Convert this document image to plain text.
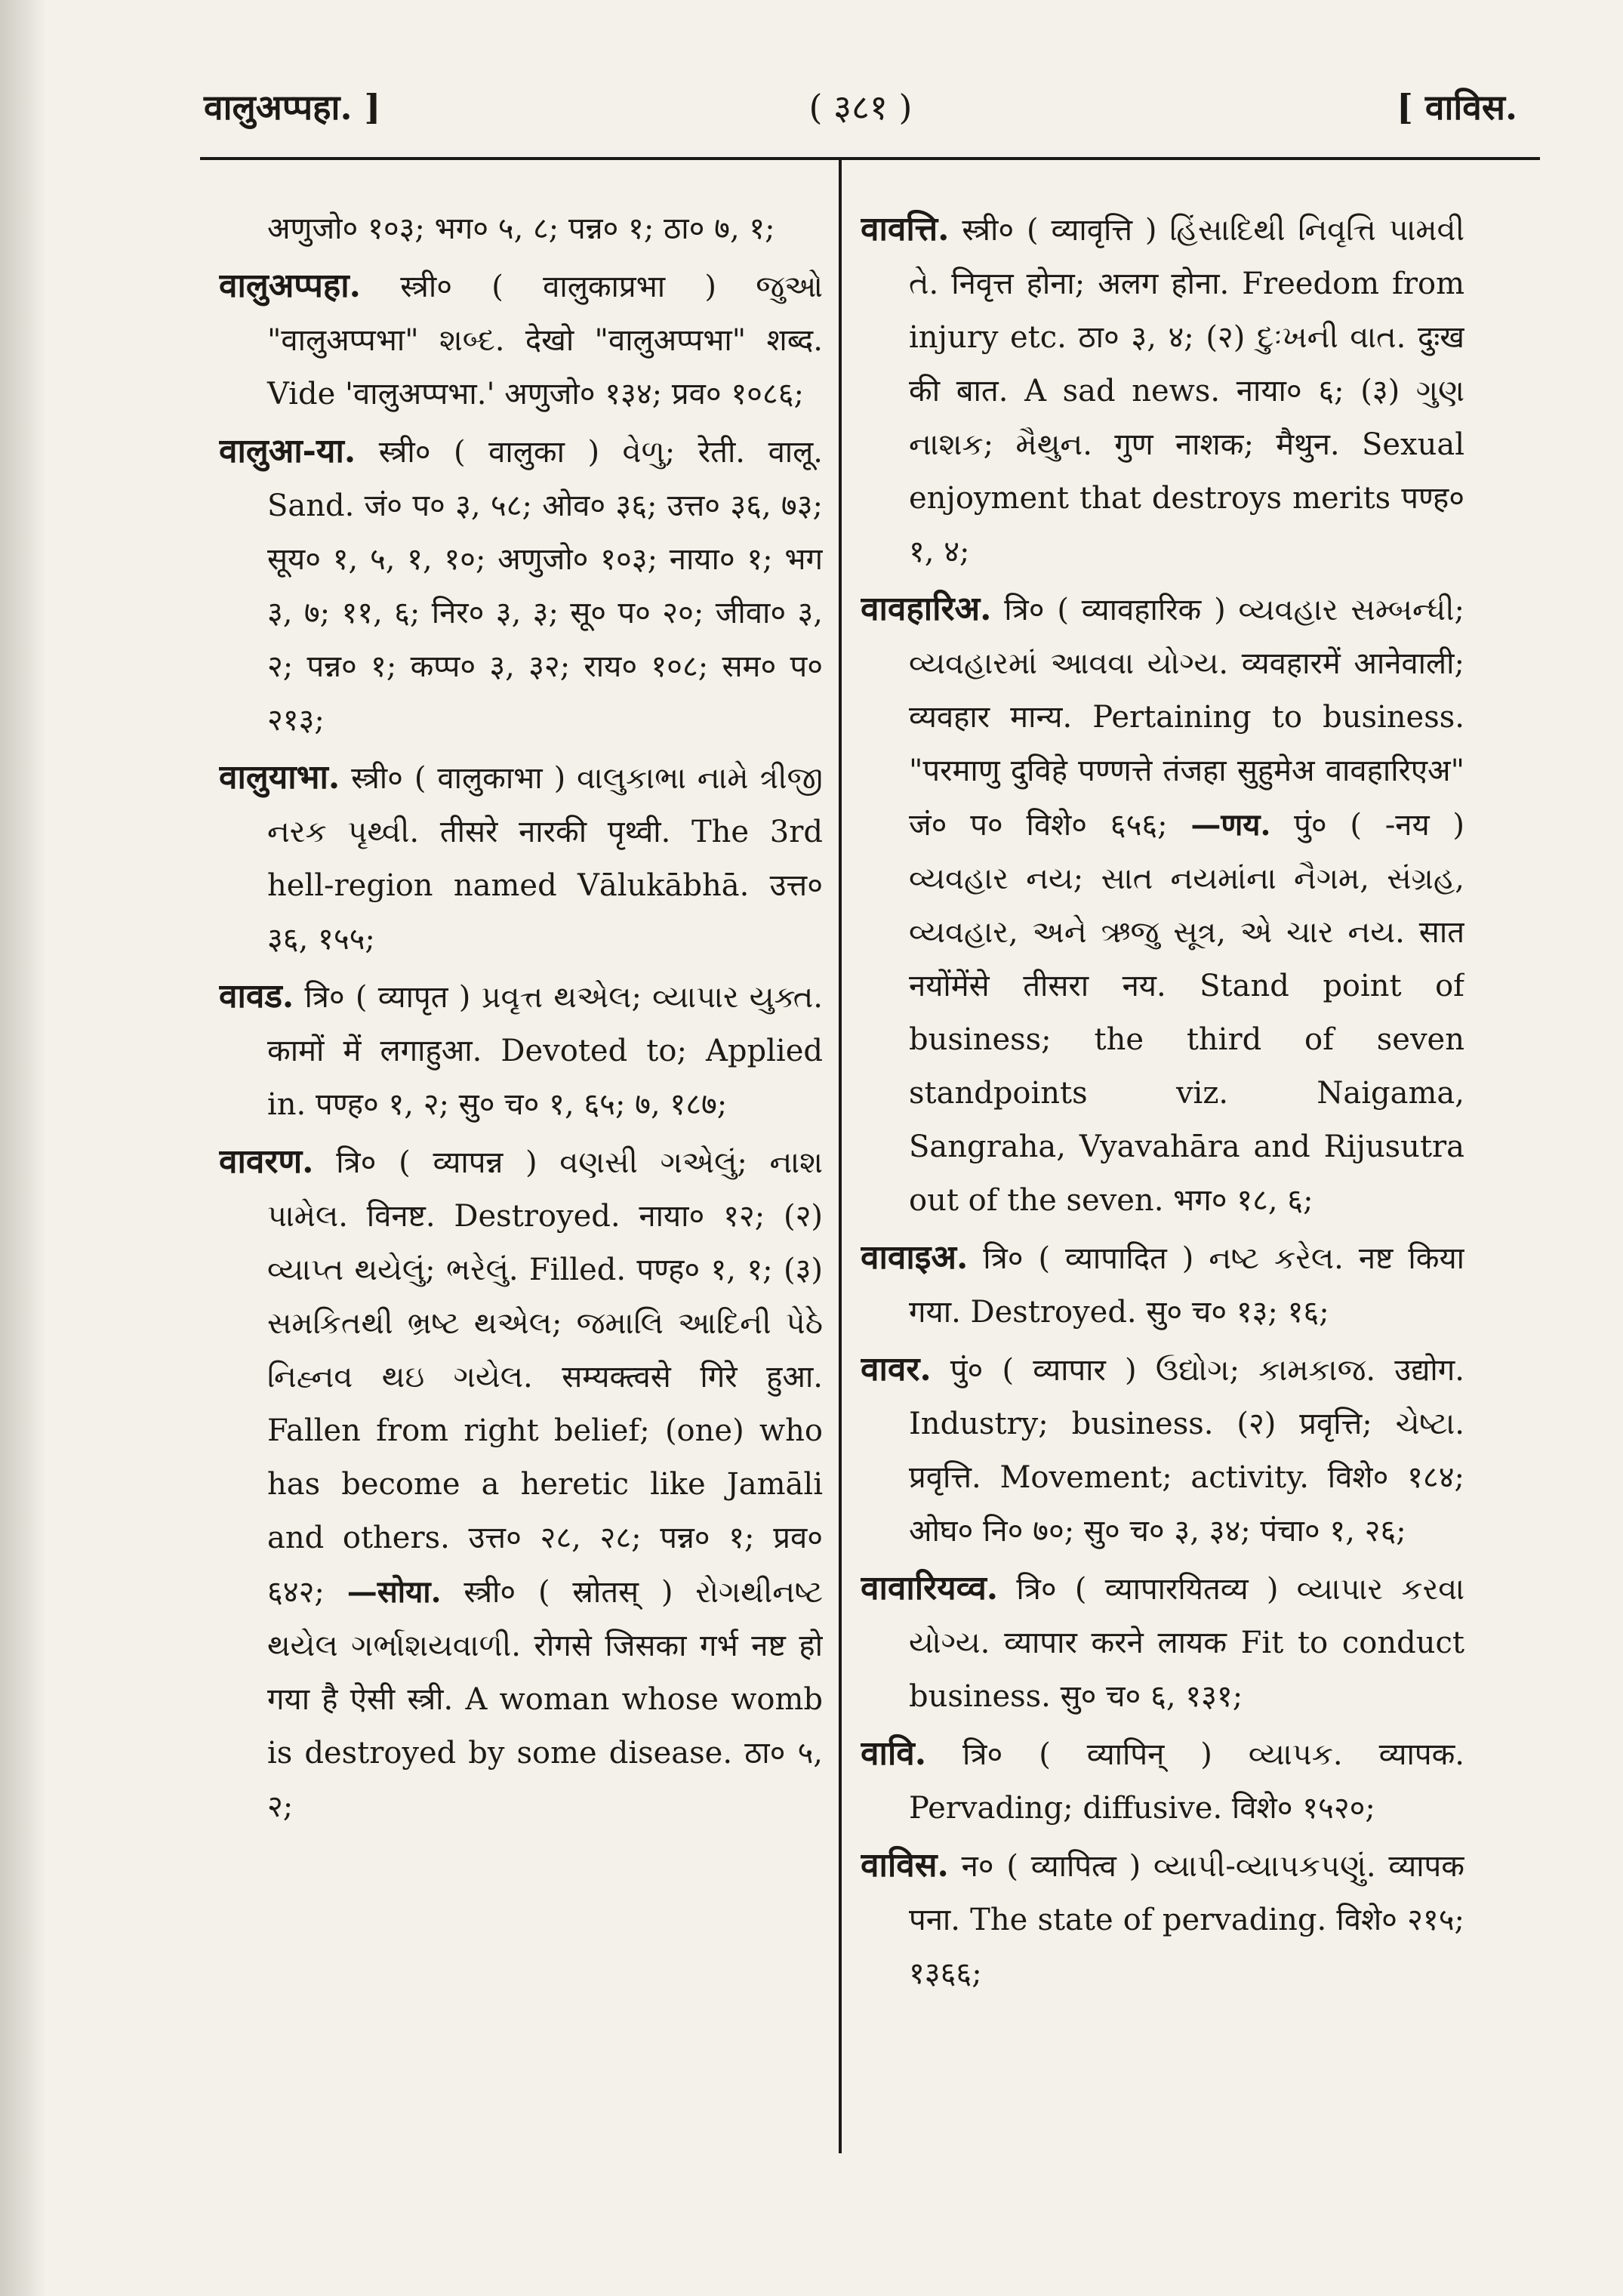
वालुअप्पहा. ]	( ३८१ )	[ वाविस.

अणुजो० १०३; भग० ५, ८; पन्न० १; ठा० ७, १;

वालुअप्पहा. स्त्री० ( वालुकाप्रभा ) જુઓ "वालुअप्पभा" શબ્દ. देखो "वालुअप्पभा" शब्द. Vide 'वालुअप्पभा.' अणुजो० १३४; प्रव० १०८६;

वालुआ-या. स्त्री० ( वालुका ) વેળુ; रेती. वालू. Sand. जं० प० ३, ५८; ओव० ३६; उत्त० ३६, ७३; सूय० १, ५, १, १०; अणुजो० १०३; नाया० १; भग ३, ७; ११, ६; निर० ३, ३; सू० प० २०; जीवा० ३, २; पन्न० १; कप्प० ३, ३२; राय० १०८; सम० प० २१३;

वालुयाभा. स्त्री० ( वालुकाभा ) વાલુકાભા નામે ત્રીજી નરક પૃથ્વી. तीसरे नारकी पृथ्वी. The 3rd hell-region named Vālukābhā. उत्त० ३६, १५५;

वावड. त्रि० ( व्यापृत ) પ્રવૃત્ત થએલ; વ્યાપાર યુક્ત. कामों में लगाहुआ. Devoted to; Applied in. पण्ह० १, २; सु० च० १, ६५; ७, १८७;

वावरण. त्रि० ( व्यापन्न ) વણસી ગએલું; નાશ પામેલ. विनष्ट. Destroyed. नाया० १२; (२) વ્યાપ્ત થયેલું; ભરેલું. Filled. पण्ह० १, १; (३) સમકિતથી ભ્રષ્ટ થએલ; જમાલિ આદિની પેઠે નિહ્નવ થઇ ગયેલ. सम्यक्त्वसे गिरे हुआ. Fallen from right belief; (one) who has become a heretic like Jamāli and others. उत्त० २८, २८; पन्न० १; प्रव० ६४२; —सोया. स्त्री० ( स्रोतस् ) રોગથીનષ્ટ થયેલ ગર્ભાશયવાળી. रोगसे जिसका गर्भ नष्ट हो गया है ऐसी स्त्री. A woman whose womb is destroyed by some disease. ठा० ५, २;

वावत्ति. स्त्री० ( व्यावृत्ति ) હિંસાદિથી નિવૃત્તિ પામવી તે. निवृत्त होना; अलग होना. Freedom from injury etc. ठा० ३, ४; (२) દુઃખની વાત. दुःख की बात. A sad news. नाया० ६; (३) ગુણ નાશક; મૈથુન. गुण नाशक; मैथुन. Sexual enjoyment that destroys merits पण्ह० १, ४;

वावहारिअ. त्रि० ( व्यावहारिक ) વ્યવહાર સમ્બન્ધી; વ્યવહારમાં આવવા યોગ્ય. व्यवहारमें आनेवाली; व्यवहार मान्य. Pertaining to business. "परमाणु दुविहे पण्णत्ते तंजहा सुहुमेअ वावहारिएअ" जं० प० विशे० ६५६; —णय. पुं० ( -नय ) વ્યવહાર નય; સાત નયમાંના નૈગમ, સંગ્રહ, વ્યવહાર, અને ઋજુ સૂત્ર, એ ચાર નય. सात नयोंमेंसे तीसरा नय. Stand point of business; the third of seven standpoints viz. Naigama, Sangraha, Vyavahāra and Rijusutra out of the seven. भग० १८, ६;

वावाइअ. त्रि० ( व्यापादित ) નષ્ટ કરેલ. नष्ट किया गया. Destroyed. सु० च० १३; १६;

वावर. पुं० ( व्यापार ) ઉદ્યોગ; કામકાજ. उद्योग. Industry; business. (२) प्रवृत्ति; ચેષ્ટા. प्रवृत्ति. Movement; activity. विशे० १८४; ओघ० नि० ७०; सु० च० ३, ३४; पंचा० १, २६;

वावारियव्व. त्रि० ( व्यापारयितव्य ) વ્યાપાર કરવા યોગ્ય. व्यापार करने लायक Fit to conduct business. सु० च० ६, १३१;

वावि. त्रि० ( व्यापिन् ) વ્યાપક. व्यापक. Pervading; diffusive. विशे० १५२०;

वाविस. न० ( व्यापित्व ) વ્યાપી-વ્યાપકપણું. व्यापक पना. The state of pervading. विशे० २१५; १३६६;
